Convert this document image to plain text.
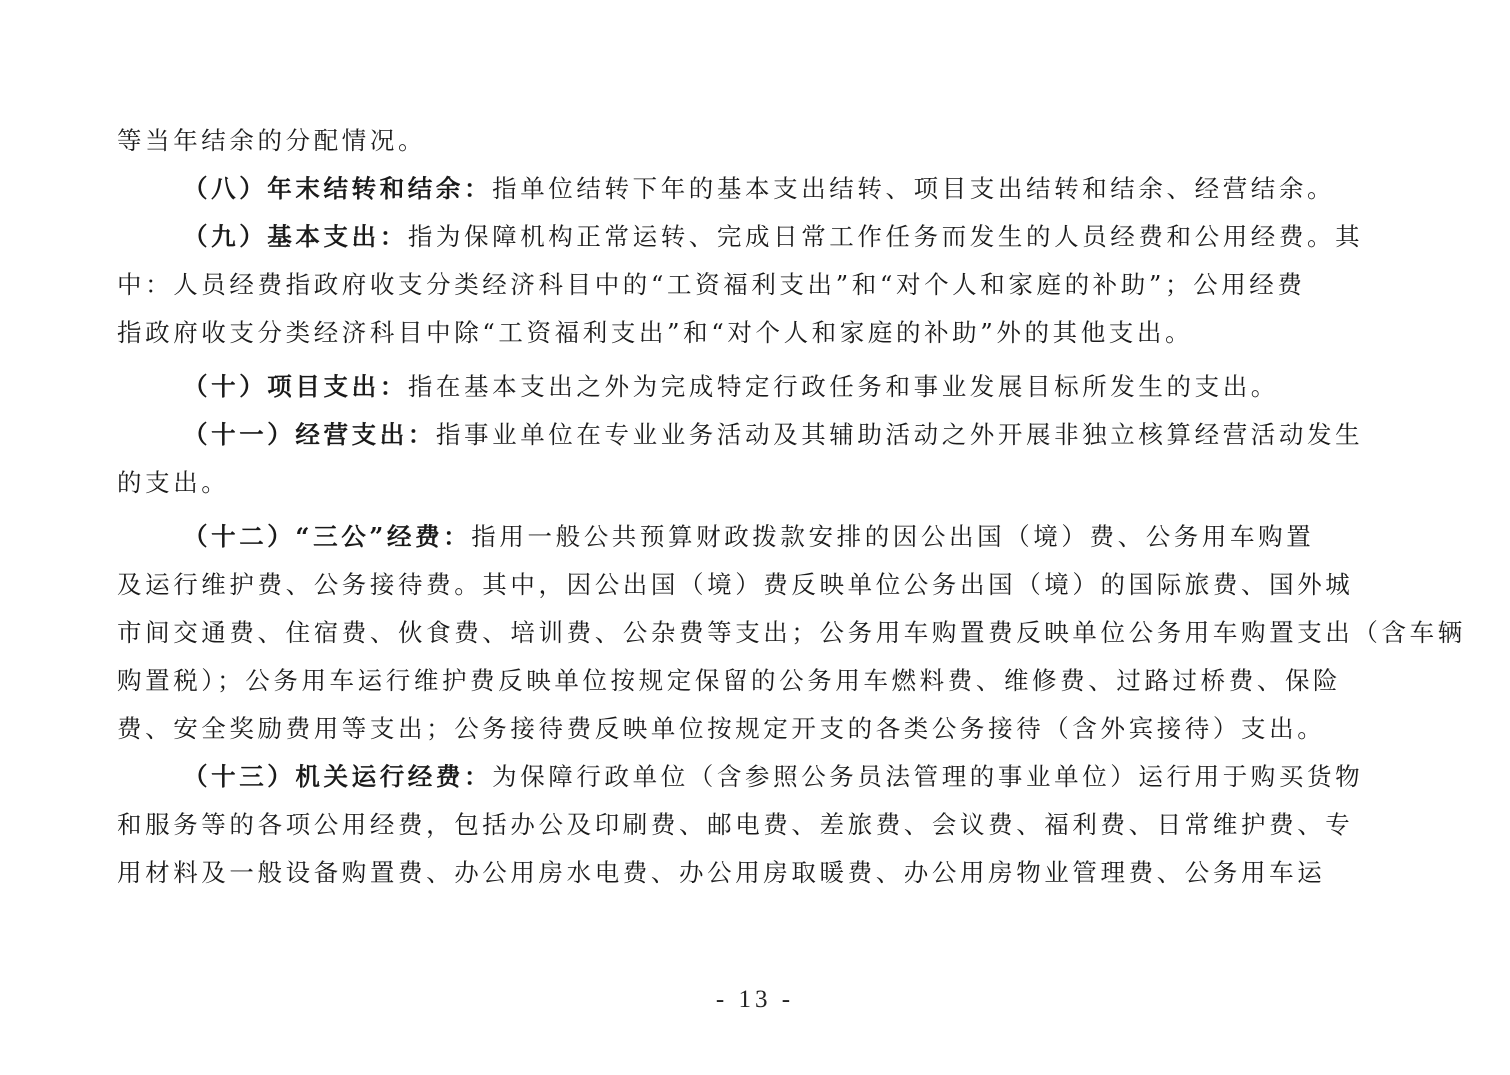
等当年结余的分配情况。
（八）年末结转和结余：指单位结转下年的基本支出结转、项目支出结转和结余、经营结余。
（九）基本支出：指为保障机构正常运转、完成日常工作任务而发生的人员经费和公用经费。其
中：人员经费指政府收支分类经济科目中的“工资福利支出”和“对个人和家庭的补助”；公用经费
指政府收支分类经济科目中除“工资福利支出”和“对个人和家庭的补助”外的其他支出。
（十）项目支出：指在基本支出之外为完成特定行政任务和事业发展目标所发生的支出。
（十一）经营支出：指事业单位在专业业务活动及其辅助活动之外开展非独立核算经营活动发生
的支出。
（十二）“三公”经费：指用一般公共预算财政拨款安排的因公出国（境）费、公务用车购置
及运行维护费、公务接待费。其中，因公出国（境）费反映单位公务出国（境）的国际旅费、国外城
市间交通费、住宿费、伙食费、培训费、公杂费等支出；公务用车购置费反映单位公务用车购置支出（含车辆
购置税）；公务用车运行维护费反映单位按规定保留的公务用车燃料费、维修费、过路过桥费、保险
费、安全奖励费用等支出；公务接待费反映单位按规定开支的各类公务接待（含外宾接待）支出。
（十三）机关运行经费：为保障行政单位（含参照公务员法管理的事业单位）运行用于购买货物
和服务等的各项公用经费，包括办公及印刷费、邮电费、差旅费、会议费、福利费、日常维护费、专
用材料及一般设备购置费、办公用房水电费、办公用房取暖费、办公用房物业管理费、公务用车运
- 13 -
